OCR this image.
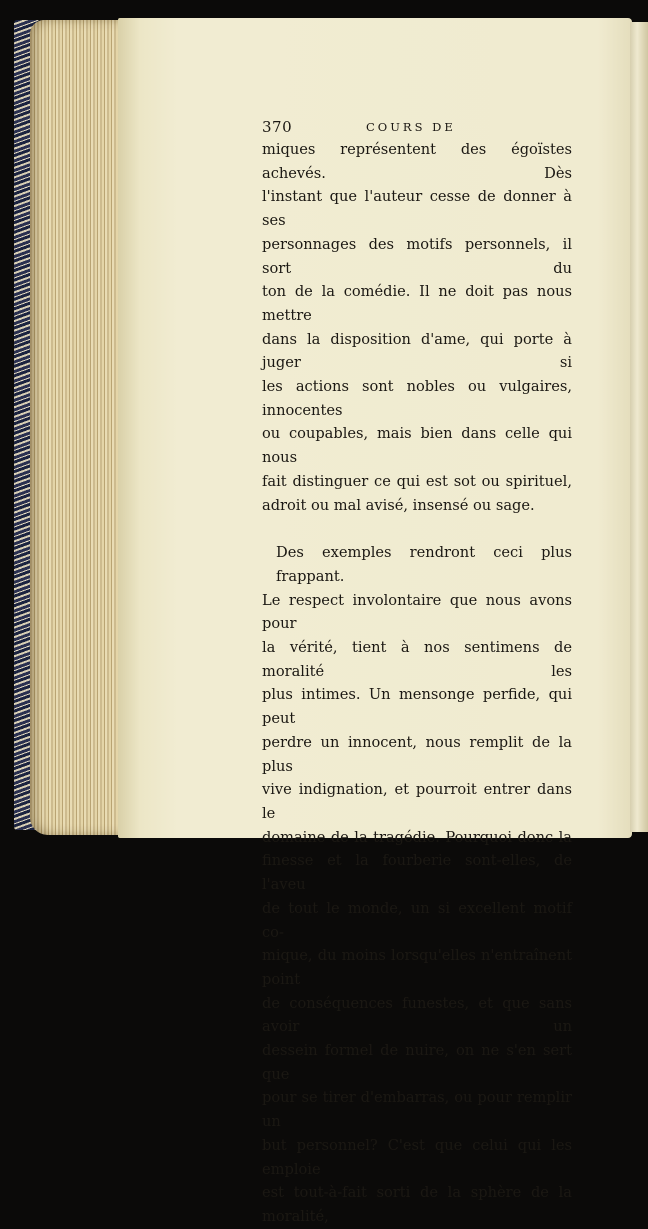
370	COURS DE

miques représentent des égoïstes achevés. Dès

l'instant que l'auteur cesse de donner à ses

personnages des motifs personnels, il sort du

ton de la comédie. Il ne doit pas nous mettre

dans la disposition d'ame, qui porte à juger si

les actions sont nobles ou vulgaires, innocentes

ou coupables, mais bien dans celle qui nous

fait distinguer ce qui est sot ou spirituel,

adroit ou mal avisé, insensé ou sage.

Des exemples rendront ceci plus frappant.

Le respect involontaire que nous avons pour

la vérité, tient à nos sentimens de moralité les

plus intimes. Un mensonge perfide, qui peut

perdre un innocent, nous remplit de la plus

vive indignation, et pourroit entrer dans le

domaine de la tragédie. Pourquoi donc la

finesse et la fourberie sont-elles, de l'aveu

de tout le monde, un si excellent motif co-

mique, du moins lorsqu'elles n'entraînent point

de conséquences funestes, et que sans avoir un

dessein formel de nuire, on ne s'en sert que

pour se tirer d'embarras, ou pour remplir un

but personnel? C'est que celui qui les emploie

est tout-à-fait sorti de la sphère de la moralité,
